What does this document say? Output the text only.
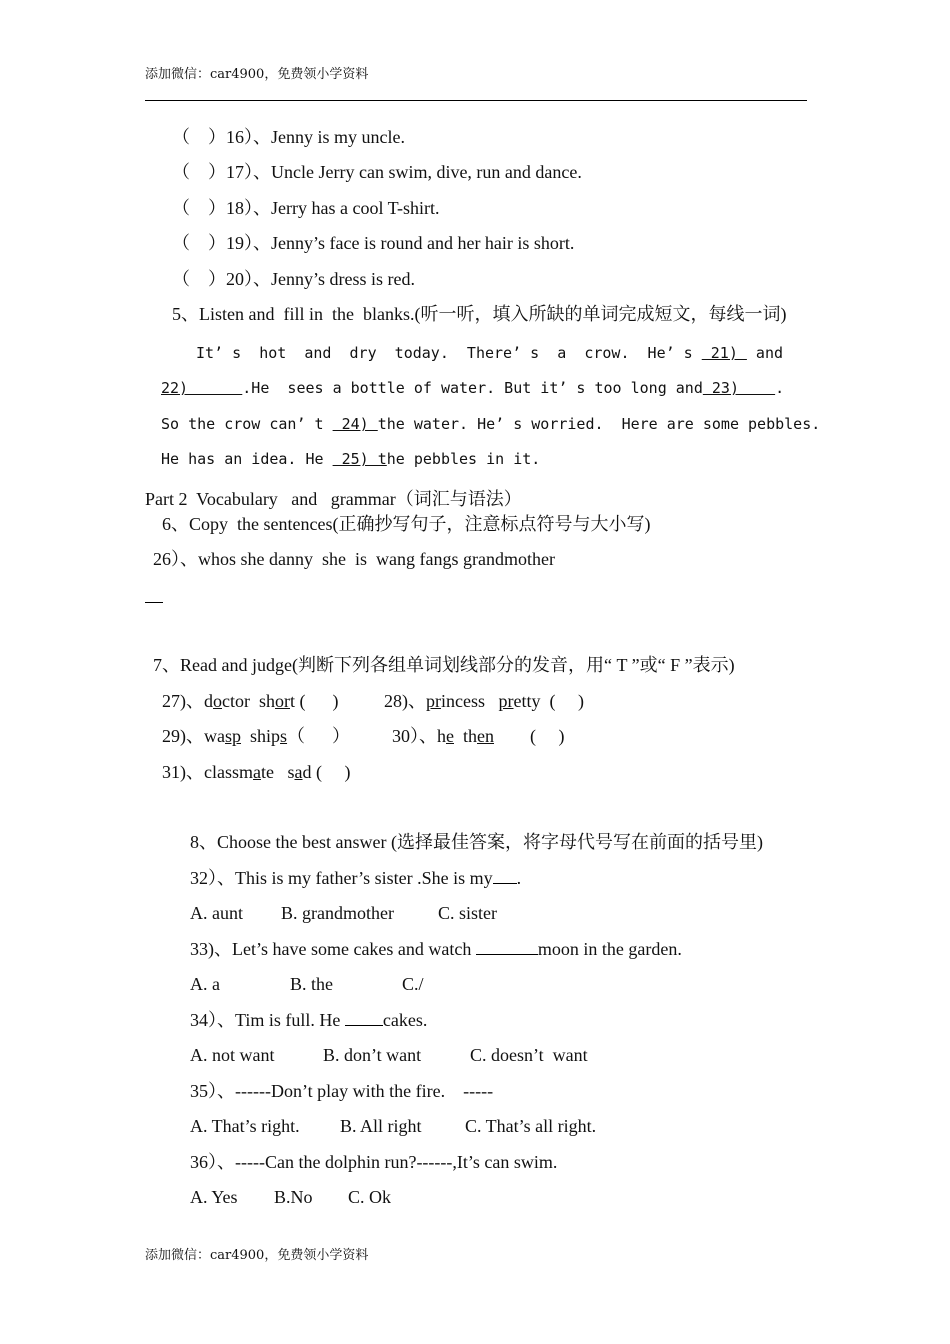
添加微信：car4900，免费领小学资料
（    ）16）、Jenny is my uncle.
（    ）17）、Uncle Jerry can swim, dive, run and dance.
（    ）18）、Jerry has a cool T-shirt.
（    ）19）、Jenny’s face is round and her hair is short.
（    ）20）、Jenny’s dress is red.
5、Listen and  fill in  the  blanks.(听一听，填入所缺的单词完成短文，每线一词)
It’ s  hot  and  dry  today.  There’ s  a  crow.  He’ s  21)  and
22)      .He  sees a bottle of water. But it’ s too long and 23)    .
So the crow can’ t  24) the water. He’ s worried.  Here are some pebbles.
He has an idea. He  25) the pebbles in it.
Part 2  Vocabulary   and   grammar（词汇与语法）
6、Copy  the sentences(正确抄写句子，注意标点符号与大小写)
26）、whos she danny  she  is  wang fangs grandmother
7、Read and judge(判断下列各组单词划线部分的发音，用“ T ”或“ F ”表示)
27)、doctor  short (      )	28)、princess   pretty  (     )
29)、wasp  ships（      ） 30）、he  then        (     )
31)、classmate   sad (     )
8、Choose the best answer (选择最佳答案，将字母代号写在前面的括号里)
32）、This is my father’s sister .She is my .
A. aunt B. grandmother C. sister
33)、Let’s have some cakes and watch	moon in the garden.
A. a	B. the	C./
34）、Tim is full. He cakes.
A. not want	B. don’t want	C. doesn’t  want
35）、------Don’t play with the fire.    -----
A. That’s right. B. All right C. That’s all right.
36）、-----Can the dolphin run?------,It’s can swim.
A. Yes B.No C. Ok
添加微信：car4900，免费领小学资料
